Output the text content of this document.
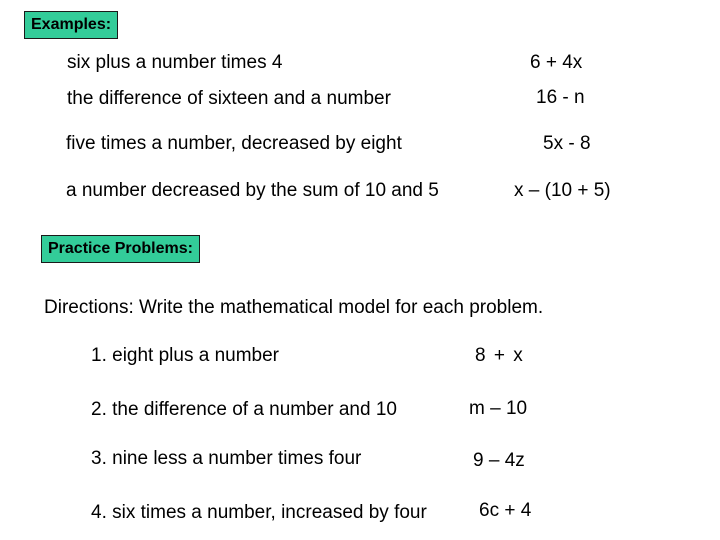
Examples:
six plus a number times 4	6 + 4x
the difference of sixteen and a number	16 - n
five times a number, decreased by eight	5x - 8
a number decreased by the sum of 10 and 5	x – (10 + 5)
Practice Problems:
Directions: Write the mathematical model for each problem.
1. eight plus a number	8 + x
2. the difference of a number and 10	m – 10
3. nine less a number times four	9 – 4z
4. six times a number, increased by four	6c + 4
